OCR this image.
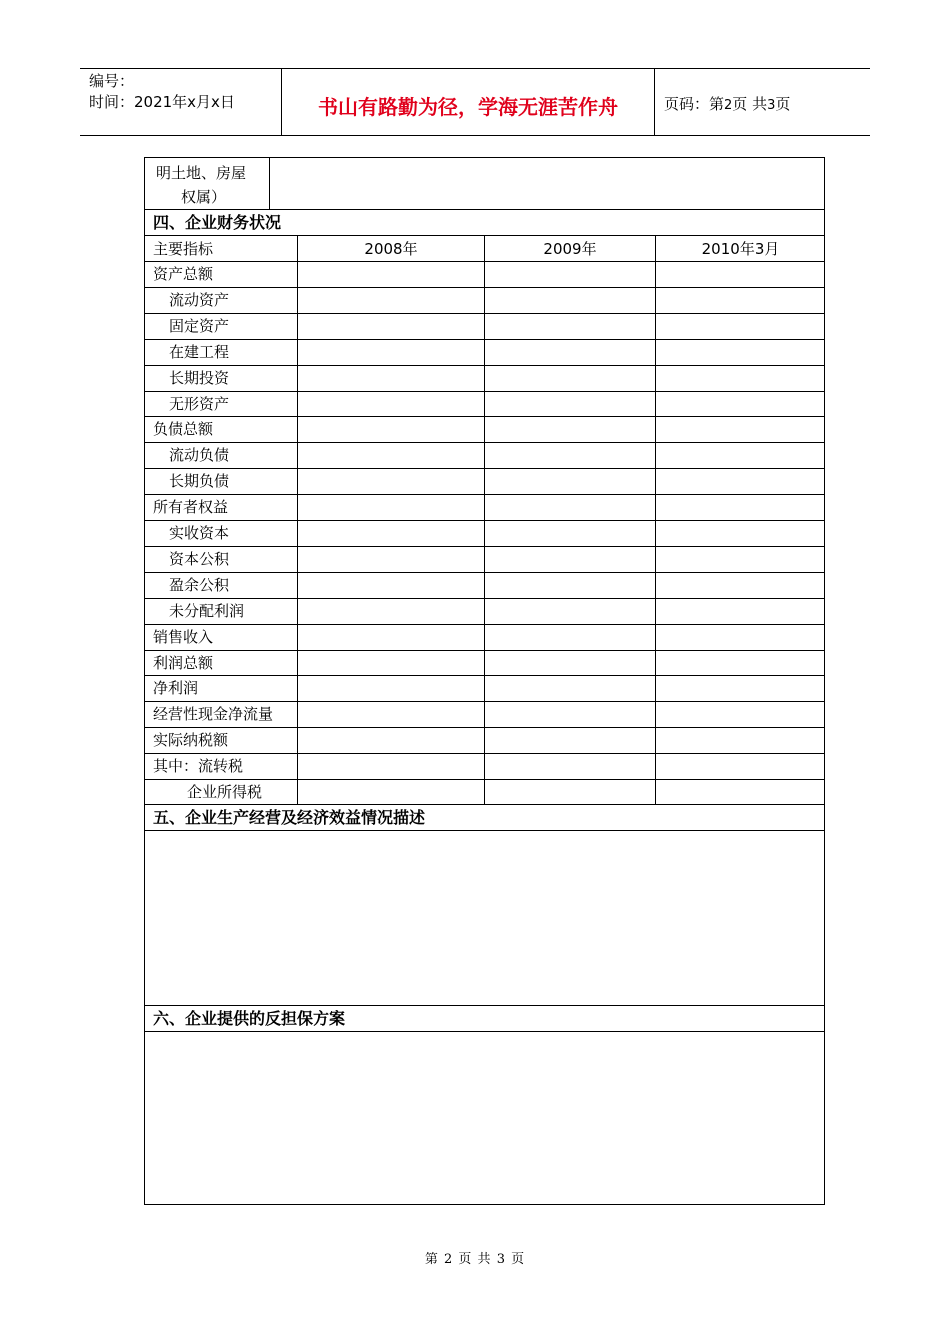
编号：
时间：2021年x月x日	书山有路勤为径，学海无涯苦作舟	页码：第2页 共3页
明土地、房屋
权属）
四、企业财务状况
主要指标	2008年	2009年	2010年3月
资产总额
流动资产
固定资产
在建工程
长期投资
无形资产
负债总额
流动负债
长期负债
所有者权益
实收资本
资本公积
盈余公积
未分配利润
销售收入
利润总额
净利润
经营性现金净流量
实际纳税额
其中：流转税
企业所得税
五、企业生产经营及经济效益情况描述
六、企业提供的反担保方案
第 2 页 共 3 页
